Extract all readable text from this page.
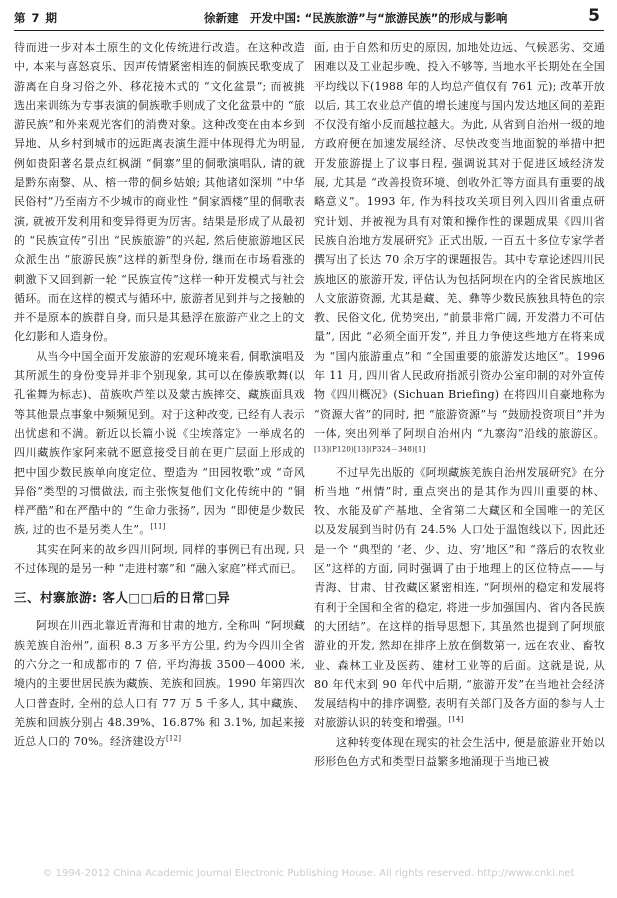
第 7 期	徐新建　开发中国: “民族旅游”与“旅游民族”的形成与影响	5

待而进一步对本土原生的文化传统进行改造。在这种改造中, 本来与喜怒哀乐、因声传情紧密相连的侗族民歌变成了游离在自身习俗之外、移花接木式的 “文化盆景”; 而被挑选出来训练为专事表演的侗族歌手则成了文化盆景中的 “旅游民族”和外来观光客们的消费对象。这种改变在由本乡到异地、从乡村到城市的远距离表演生涯中体现得尤为明显, 例如贵阳著名景点红枫湖 “侗寨”里的侗歌演唱队, 请的就是黔东南黎、从、榕一带的侗乡姑娘; 其他诸如深圳 “中华民俗村”乃至南方不少城市的商业性 “侗家酒楼”里的侗歌表演, 就被开发利用和变异得更为厉害。结果是形成了从最初的 “民族宣传”引出 “民族旅游”的兴起, 然后使旅游地区民众派生出 “旅游民族”这样的新型身份, 继而在市场看涨的刺激下又回到新一轮 “民族宣传”这样一种开发模式与社会循环。而在这样的模式与循环中, 旅游者见到并与之接触的并不是原本的族群自身, 而只是其悬浮在旅游产业之上的文化幻影和人造身份。

从当今中国全面开发旅游的宏观环境来看, 侗歌演唱及其所派生的身份变异并非个别现象, 其可以在傣族歌舞(以孔雀舞为标志)、苗族吹芦笙以及蒙古族摔交、藏族面具戏等其他景点事象中频频见到。对于这种改变, 已经有人表示出忧虑和不满。新近以长篇小说《尘埃落定》一举成名的四川藏族作家阿来就不愿意接受目前在更广层面上形成的把中国少数民族单向度定位、塑造为 “田园牧歌”或 “奇风异俗”类型的习惯做法, 而主张恢复他们文化传统中的 “铜样严酷”和在严酷中的 “生命力张扬”, 因为 “即使是少数民族, 过的也不是另类人生”。[11]

其实在阿来的故乡四川阿坝, 同样的事例已有出现, 只不过体现的是另一种 “走进村寨”和 “融入家庭”样式而已。

三、村寨旅游: 客人□□后的日常□异

阿坝在川西北靠近青海和甘肃的地方, 全称叫 “阿坝藏族羌族自治州”, 面积 8.3 万多平方公里, 约为今四川全省的六分之一和成都市的 7 倍, 平均海拔 3500－4000 米, 境内的主要世居民族为藏族、羌族和回族。1990 年第四次人口普查时, 全州的总人口有 77 万 5 千多人, 其中藏族、羌族和回族分别占 48.39%、16.87% 和 3.1%, 加起来接近总人口的 70%。经济建设方[12]

面, 由于自然和历史的原因, 加地处边远、气候恶劣、交通困难以及工业起步晚、投入不够等, 当地水平长期处在全国平均线以下(1988 年的人均总产值仅有 761 元); 改革开放以后, 其工农业总产值的增长速度与国内发达地区间的差距不仅没有缩小反而越拉越大。为此, 从省到自治州一级的地方政府便在加速发展经济、尽快改变当地面貌的举措中把开发旅游提上了议事日程, 强调说其对于促进区域经济发展, 尤其是 “改善投资环境、创收外汇等方面具有重要的战略意义”。1993 年, 作为科技攻关项目列入四川省重点研究计划、并被视为具有对策和操作性的课题成果《四川省民族自治地方发展研究》正式出版, 一百五十多位专家学者撰写出了长达 70 余万字的课题报告。其中专章论述四川民族地区的旅游开发, 评估认为包括阿坝在内的全省民族地区人文旅游资源, 尤其是藏、羌、彝等少数民族独具特色的宗教、民俗文化, 优势突出, “前景非常广阔, 开发潜力不可估量”, 因此 “必须全面开发”, 并且力争使这些地方在将来成为 “国内旅游重点”和 “全国重要的旅游发达地区”。1996 年 11 月, 四川省人民政府指派引资办公室印制的对外宣传物《四川概况》(Sichuan Briefing) 在将四川自豪地称为 “资源大省”的同时, 把 “旅游资源”与 “鼓励投资项目”并为一体, 突出列举了阿坝自治州内 “九寨沟”沿线的旅游区。[13](P120)[13](P324－348)[1]

不过早先出版的《阿坝藏族羌族自治州发展研究》在分析当地 “州情”时, 重点突出的是其作为四川重要的林、牧、水能及矿产基地、全省第二大藏区和全国唯一的羌区以及发展到当时仍有 24.5% 人口处于温饱线以下, 因此还是一个 “典型的 ‘老、少、边、穷’地区”和 “落后的农牧业区”这样的方面, 同时强调了由于地理上的区位特点——与青海、甘肃、甘孜藏区紧密相连, “阿坝州的稳定和发展将有利于全国和全省的稳定, 将进一步加强国内、省内各民族的大团结”。在这样的指导思想下, 其虽然也提到了阿坝旅游业的开发, 然却在排序上放在倒数第一, 远在农业、畜牧业、森林工业及医药、建材工业等的后面。这就是说, 从 80 年代末到 90 年代中后期, “旅游开发”在当地社会经济发展结构中的排序调整, 表明有关部门及各方面的参与人士对旅游认识的转变和增强。[14]

这种转变体现在现实的社会生活中, 便是旅游业开始以形形色色方式和类型日益繁多地涌现于当地已被

© 1994-2012 China Academic Journal Electronic Publishing House. All rights reserved. http://www.cnki.net
